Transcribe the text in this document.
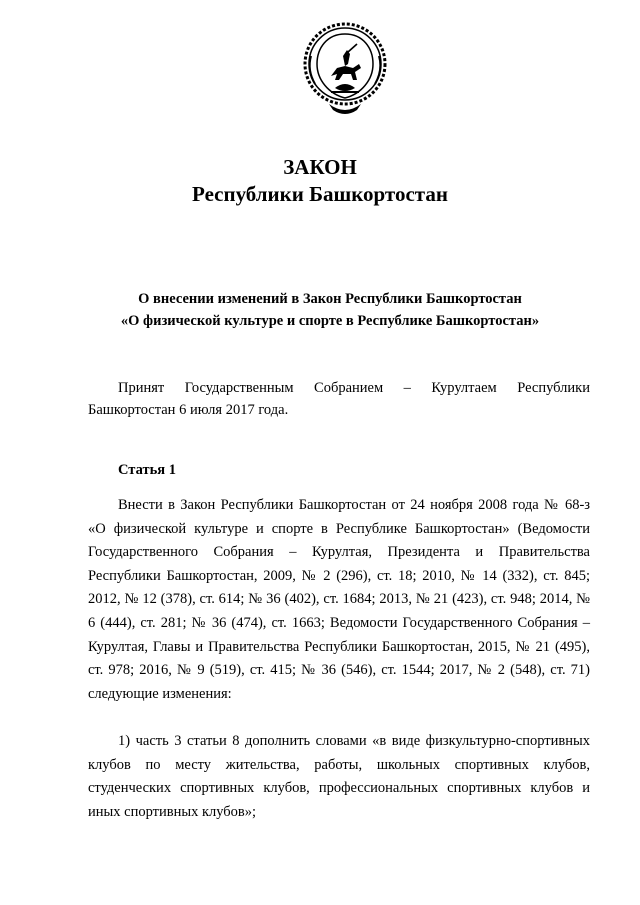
ЗАКОН

Республики Башкортостан

О внесении изменений в Закон Республики Башкортостан

«О физической культуре и спорте в Республике Башкортостан»

Принят Государственным Собранием – Курултаем Республики Башкортостан 6 июля 2017 года.

Статья 1

Внести в Закон Республики Башкортостан от 24 ноября 2008 года № 68-з «О физической культуре и спорте в Республике Башкортостан» (Ведомости Государственного Собрания – Курултая, Президента и Правительства Республики Башкортостан, 2009, № 2 (296), ст. 18; 2010, № 14 (332), ст. 845; 2012, № 12 (378), ст. 614; № 36 (402), ст. 1684; 2013, № 21 (423), ст. 948; 2014, № 6 (444), ст. 281; № 36 (474), ст. 1663; Ведомости Государственного Собрания – Курултая, Главы и Правительства Республики Башкортостан, 2015, № 21 (495), ст. 978; 2016, № 9 (519), ст. 415; № 36 (546), ст. 1544; 2017, № 2 (548), ст. 71) следующие изменения:

1) часть 3 статьи 8 дополнить словами «в виде физкультурно-спортивных клубов по месту жительства, работы, школьных спортивных клубов, студенческих спортивных клубов, профессиональных спортивных клубов и иных спортивных клубов»;
